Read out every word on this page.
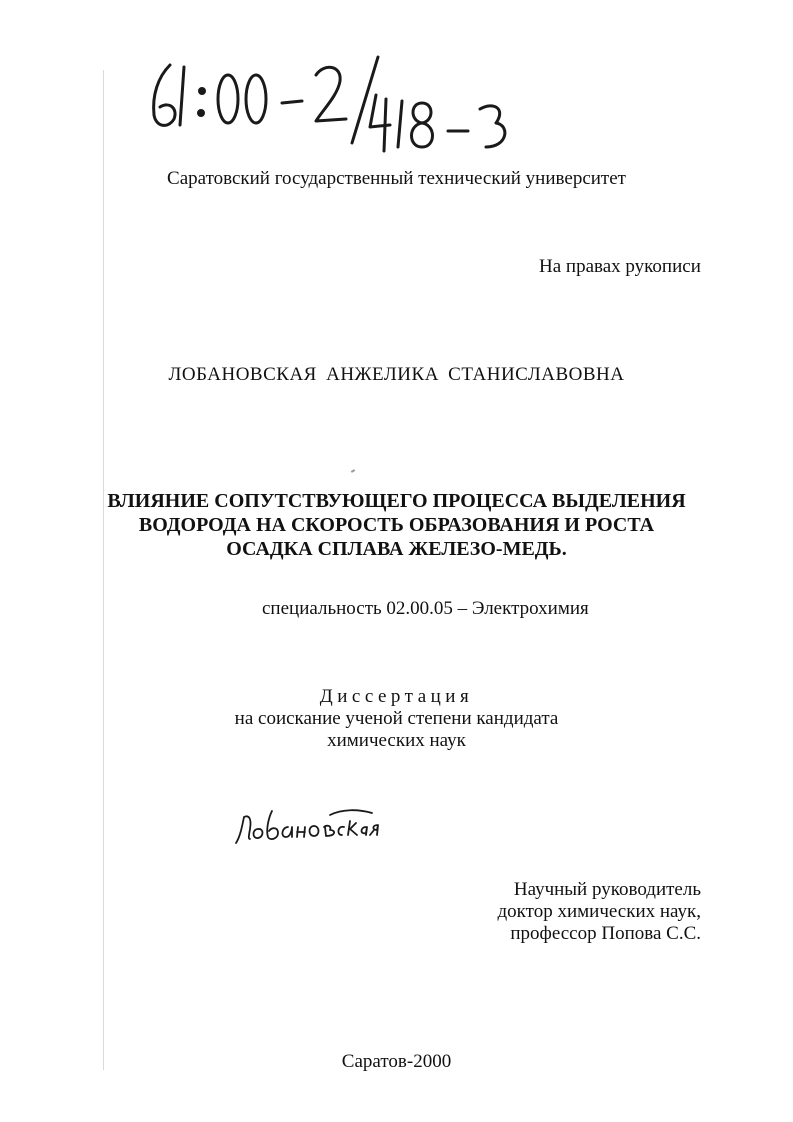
Саратовский государственный технический университет
На правах рукописи
ЛОБАНОВСКАЯ АНЖЕЛИКА СТАНИСЛАВОВНА
ВЛИЯНИЕ СОПУТСТВУЮЩЕГО ПРОЦЕССА ВЫДЕЛЕНИЯ
ВОДОРОДА НА СКОРОСТЬ ОБРАЗОВАНИЯ И РОСТА
ОСАДКА СПЛАВА ЖЕЛЕЗО-МЕДЬ.
специальность 02.00.05 – Электрохимия
Диссертация
на соискание ученой степени кандидата
химических наук
Научный руководитель
доктор химических наук,
профессор Попова С.С.
Саратов-2000
